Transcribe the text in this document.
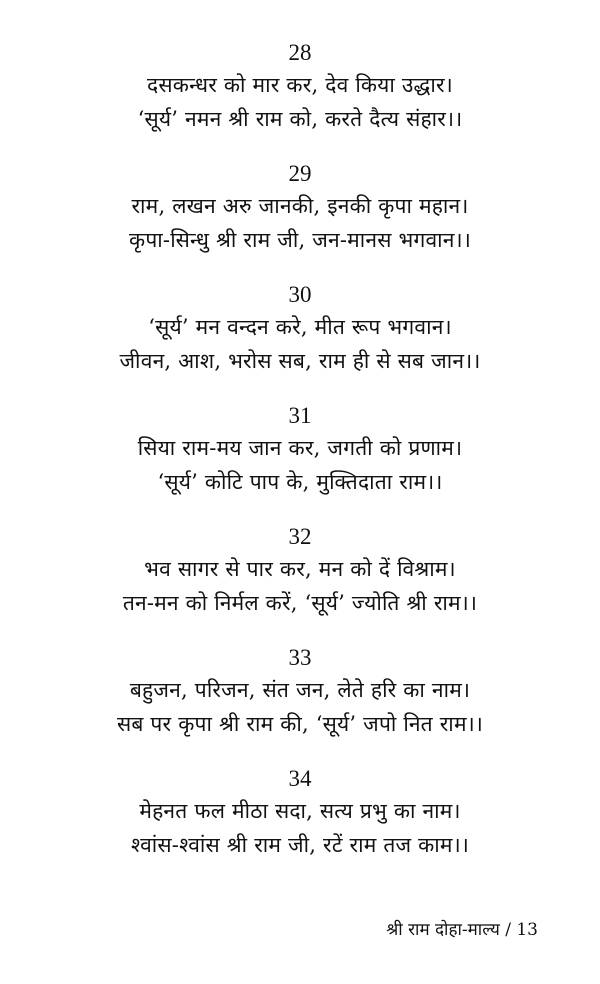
28
दसकन्धर को मार कर, देव किया उद्धार।
‘सूर्य’ नमन श्री राम को, करते दैत्य संहार।।
29
राम, लखन अरु जानकी, इनकी कृपा महान।
कृपा-सिन्धु श्री राम जी, जन-मानस भगवान।।
30
‘सूर्य’ मन वन्दन करे, मीत रूप भगवान।
जीवन, आश, भरोस सब, राम ही से सब जान।।
31
सिया राम-मय जान कर, जगती को प्रणाम।
‘सूर्य’ कोटि पाप के, मुक्तिदाता राम।।
32
भव सागर से पार कर, मन को दें विश्राम।
तन-मन को निर्मल करें, ‘सूर्य’ ज्योति श्री राम।।
33
बहुजन, परिजन, संत जन, लेते हरि का नाम।
सब पर कृपा श्री राम की, ‘सूर्य’ जपो नित राम।।
34
मेहनत फल मीठा सदा, सत्य प्रभु का नाम।
श्वांस-श्वांस श्री राम जी, रटें राम तज काम।।
श्री राम दोहा-माल्य / 13
